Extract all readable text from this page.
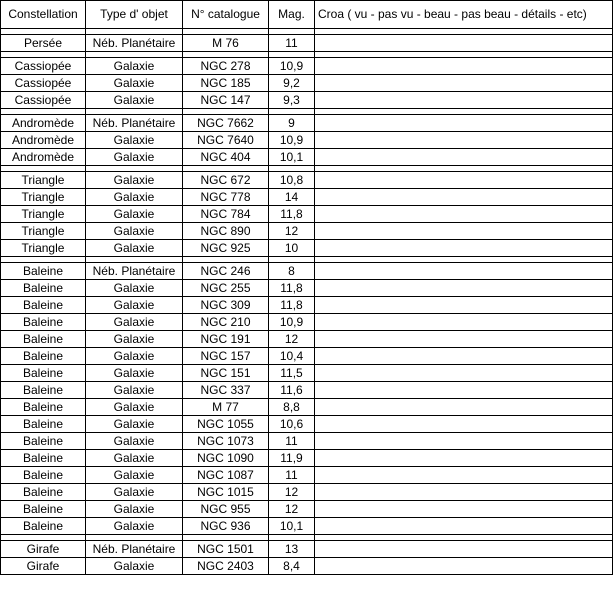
Constellation	Type d' objet	N° catalogue	Mag.	Croa ( vu - pas vu - beau - pas beau - détails - etc)

Persée	Néb. Planétaire	M 76	11	

Cassiopée	Galaxie	NGC 278	10,9	
Cassiopée	Galaxie	NGC 185	9,2	
Cassiopée	Galaxie	NGC 147	9,3	

Andromède	Néb. Planétaire	NGC 7662	9	
Andromède	Galaxie	NGC 7640	10,9	
Andromède	Galaxie	NGC 404	10,1	

Triangle	Galaxie	NGC 672	10,8	
Triangle	Galaxie	NGC 778	14	
Triangle	Galaxie	NGC 784	11,8	
Triangle	Galaxie	NGC 890	12	
Triangle	Galaxie	NGC 925	10	

Baleine	Néb. Planétaire	NGC 246	8	
Baleine	Galaxie	NGC 255	11,8	
Baleine	Galaxie	NGC 309	11,8	
Baleine	Galaxie	NGC 210	10,9	
Baleine	Galaxie	NGC 191	12	
Baleine	Galaxie	NGC 157	10,4	
Baleine	Galaxie	NGC 151	11,5	
Baleine	Galaxie	NGC 337	11,6	
Baleine	Galaxie	M 77	8,8	
Baleine	Galaxie	NGC 1055	10,6	
Baleine	Galaxie	NGC 1073	11	
Baleine	Galaxie	NGC 1090	11,9	
Baleine	Galaxie	NGC 1087	11	
Baleine	Galaxie	NGC 1015	12	
Baleine	Galaxie	NGC 955	12	
Baleine	Galaxie	NGC 936	10,1	

Girafe	Néb. Planétaire	NGC 1501	13	
Girafe	Galaxie	NGC 2403	8,4	
